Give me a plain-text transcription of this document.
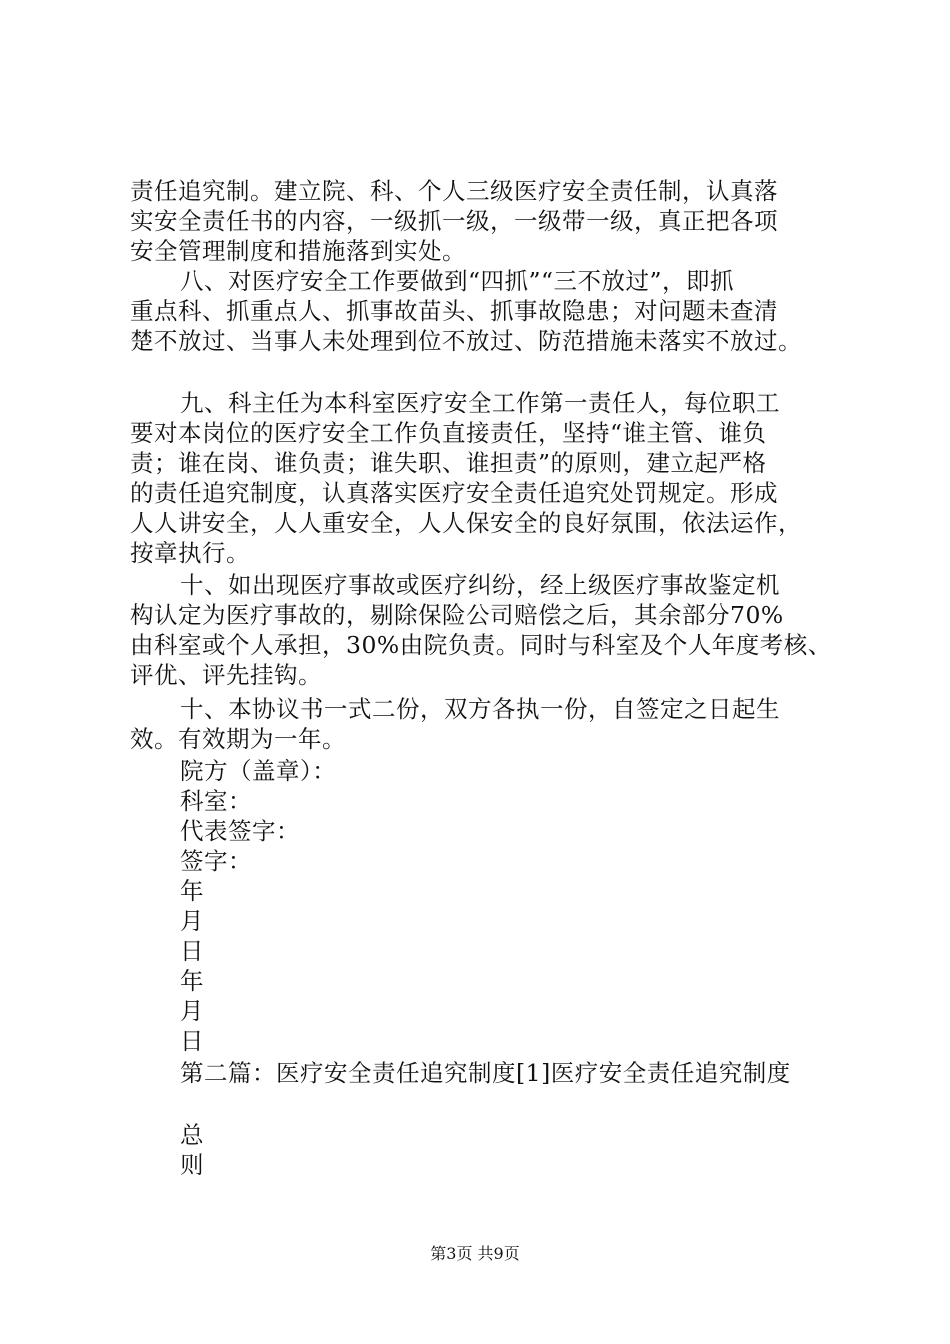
责任追究制。建立院、科、个人三级医疗安全责任制，认真落
实安全责任书的内容，一级抓一级，一级带一级，真正把各项
安全管理制度和措施落到实处。
八、对医疗安全工作要做到“四抓”“三不放过”，即抓
重点科、抓重点人、抓事故苗头、抓事故隐患；对问题未查清
楚不放过、当事人未处理到位不放过、防范措施未落实不放过。
九、科主任为本科室医疗安全工作第一责任人，每位职工
要对本岗位的医疗安全工作负直接责任，坚持“谁主管、谁负
责；谁在岗、谁负责；谁失职、谁担责”的原则，建立起严格
的责任追究制度，认真落实医疗安全责任追究处罚规定。形成
人人讲安全，人人重安全，人人保安全的良好氛围，依法运作，
按章执行。
十、如出现医疗事故或医疗纠纷，经上级医疗事故鉴定机
构认定为医疗事故的，剔除保险公司赔偿之后，其余部分70%
由科室或个人承担，30%由院负责。同时与科室及个人年度考核、
评优、评先挂钩。
十、本协议书一式二份，双方各执一份，自签定之日起生
效。有效期为一年。
院方（盖章）：
科室：
代表签字：
签字：
年
月
日
年
月
日
第二篇：医疗安全责任追究制度[1]医疗安全责任追究制度
总
则
第3页 共9页
